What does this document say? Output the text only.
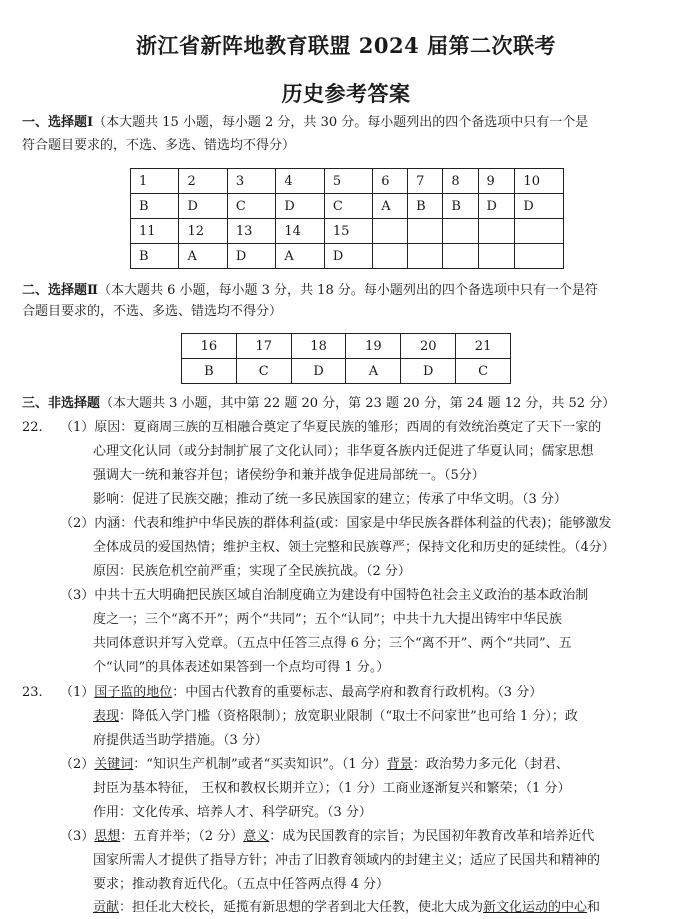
浙江省新阵地教育联盟 2024 届第二次联考
历史参考答案
一、选择题Ⅰ（本大题共 15 小题，每小题 2 分，共 30 分。每小题列出的四个备选项中只有一个是
符合题目要求的，不选、多选、错选均不得分）
1	2	3	4	5	6	7	8	9	10
B	D	C	D	C	A	B	B	D	D
11	12	13	14	15					
B	A	D	A	D					
二、选择题Ⅱ（本大题共 6 小题，每小题 3 分，共 18 分。每小题列出的四个备选项中只有一个是符
合题目要求的，不选、多选、错选均不得分）
16	17	18	19	20	21
B	C	D	A	D	C
三、非选择题（本大题共 3 小题，其中第 22 题 20 分，第 23 题 20 分，第 24 题 12 分，共 52 分）
22. （1）原因：夏商周三族的互相融合奠定了华夏民族的雏形；西周的有效统治奠定了天下一家的
心理文化认同（或分封制扩展了文化认同）；非华夏各族内迁促进了华夏认同；儒家思想
强调大一统和兼容并包；诸侯纷争和兼并战争促进局部统一。（5分）
影响：促进了民族交融；推动了统一多民族国家的建立；传承了中华文明。（3 分）
（2）内涵：代表和维护中华民族的群体利益(或：国家是中华民族各群体利益的代表)；能够激发
全体成员的爱国热情；维护主权、领土完整和民族尊严；保持文化和历史的延续性。（4分）
原因：民族危机空前严重；实现了全民族抗战。（2 分）
（3）中共十五大明确把民族区域自治制度确立为建设有中国特色社会主义政治的基本政治制
度之一；三个“离不开”；两个“共同”；五个“认同”；中共十九大提出铸牢中华民族
共同体意识并写入党章。（五点中任答三点得 6 分；三个“离不开”、两个“共同”、五
个“认同”的具体表述如果答到一个点均可得 1 分。）
23. （1）国子监的地位：中国古代教育的重要标志、最高学府和教育行政机构。（3 分）
表现：降低入学门槛（资格限制）；放宽职业限制（“取士不问家世”也可给 1 分）；政
府提供适当助学措施。（3 分）
（2）关键词：“知识生产机制”或者“买卖知识”。（1 分）背景：政治势力多元化（封君、
封臣为基本特征， 王权和教权长期并立）；（1 分）工商业逐渐复兴和繁荣；（1 分）
作用：文化传承、培养人才、科学研究。（3 分）
（3）思想：五育并举；（2 分）意义：成为民国教育的宗旨；为民国初年教育改革和培养近代
国家所需人才提供了指导方针；冲击了旧教育领域内的封建主义；适应了民国共和精神的
要求；推动教育近代化。（五点中任答两点得 4 分）
贡献：担任北大校长，延揽有新思想的学者到北大任教，使北大成为新文化运动的中心和
